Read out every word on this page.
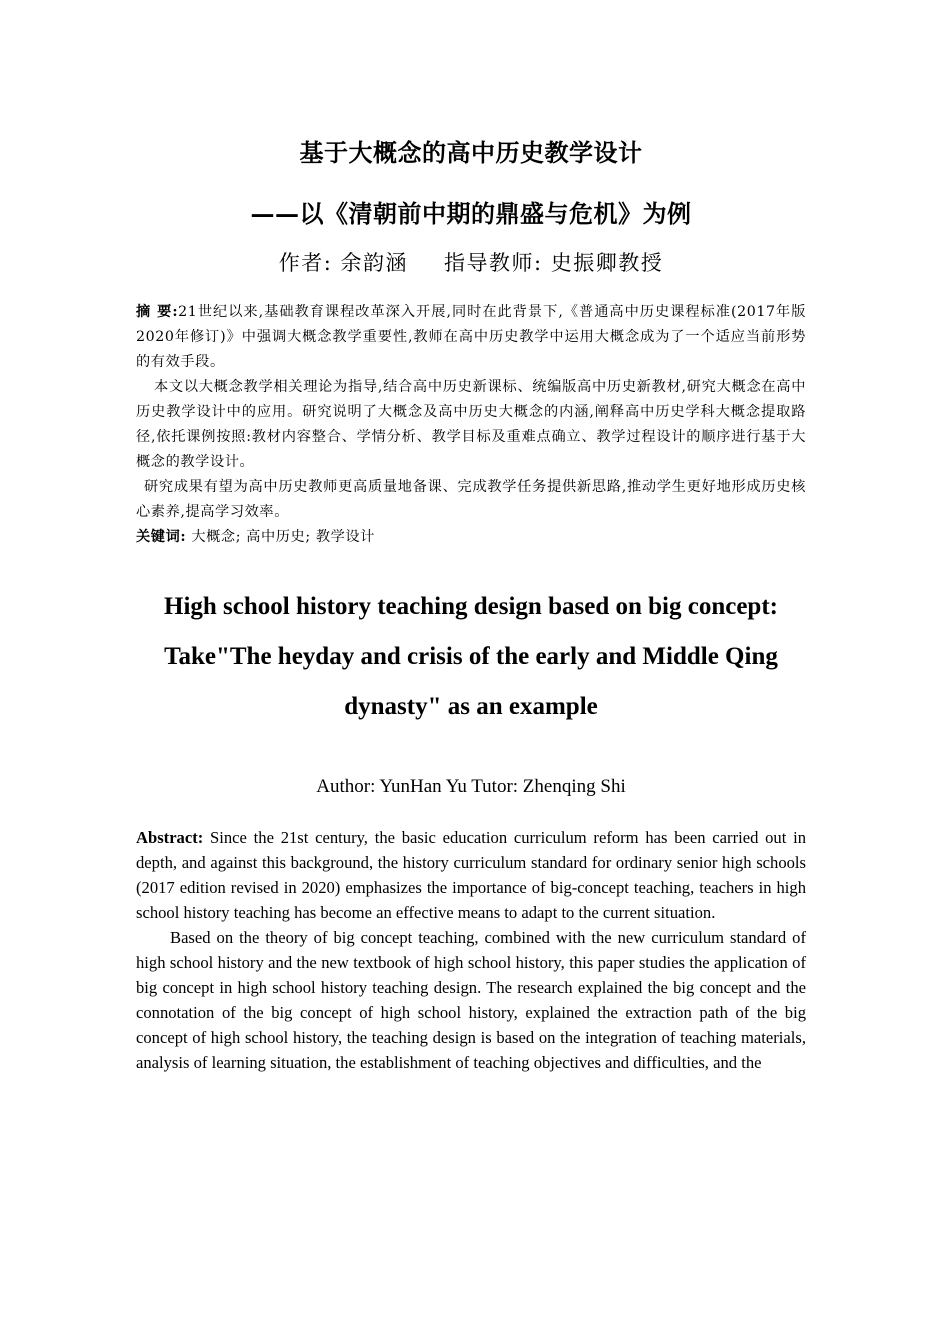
基于大概念的高中历史教学设计
——以《清朝前中期的鼎盛与危机》为例
作者: 余韵涵 指导教师: 史振卿教授

摘 要:21世纪以来,基础教育课程改革深入开展,同时在此背景下,《普通高中历史课程标准(2017年版2020年修订)》中强调大概念教学重要性,教师在高中历史教学中运用大概念成为了一个适应当前形势的有效手段。

本文以大概念教学相关理论为指导,结合高中历史新课标、统编版高中历史新教材,研究大概念在高中历史教学设计中的应用。研究说明了大概念及高中历史大概念的内涵,阐释高中历史学科大概念提取路径,依托课例按照:教材内容整合、学情分析、教学目标及重难点确立、教学过程设计的顺序进行基于大概念的教学设计。

研究成果有望为高中历史教师更高质量地备课、完成教学任务提供新思路,推动学生更好地形成历史核心素养,提高学习效率。

关键词: 大概念; 高中历史; 教学设计

High school history teaching design based on big concept:
Take"The heyday and crisis of the early and Middle Qing
dynasty" as an example
Author: YunHan Yu Tutor: Zhenqing Shi

Abstract: Since the 21st century, the basic education curriculum reform has been carried out in depth, and against this background, the history curriculum standard for ordinary senior high schools (2017 edition revised in 2020) emphasizes the importance of big-concept teaching, teachers in high school history teaching has become an effective means to adapt to the current situation.

Based on the theory of big concept teaching, combined with the new curriculum standard of high school history and the new textbook of high school history, this paper studies the application of big concept in high school history teaching design. The research explained the big concept and the connotation of the big concept of high school history, explained the extraction path of the big concept of high school history, the teaching design is based on the integration of teaching materials, analysis of learning situation, the establishment of teaching objectives and difficulties, and the
